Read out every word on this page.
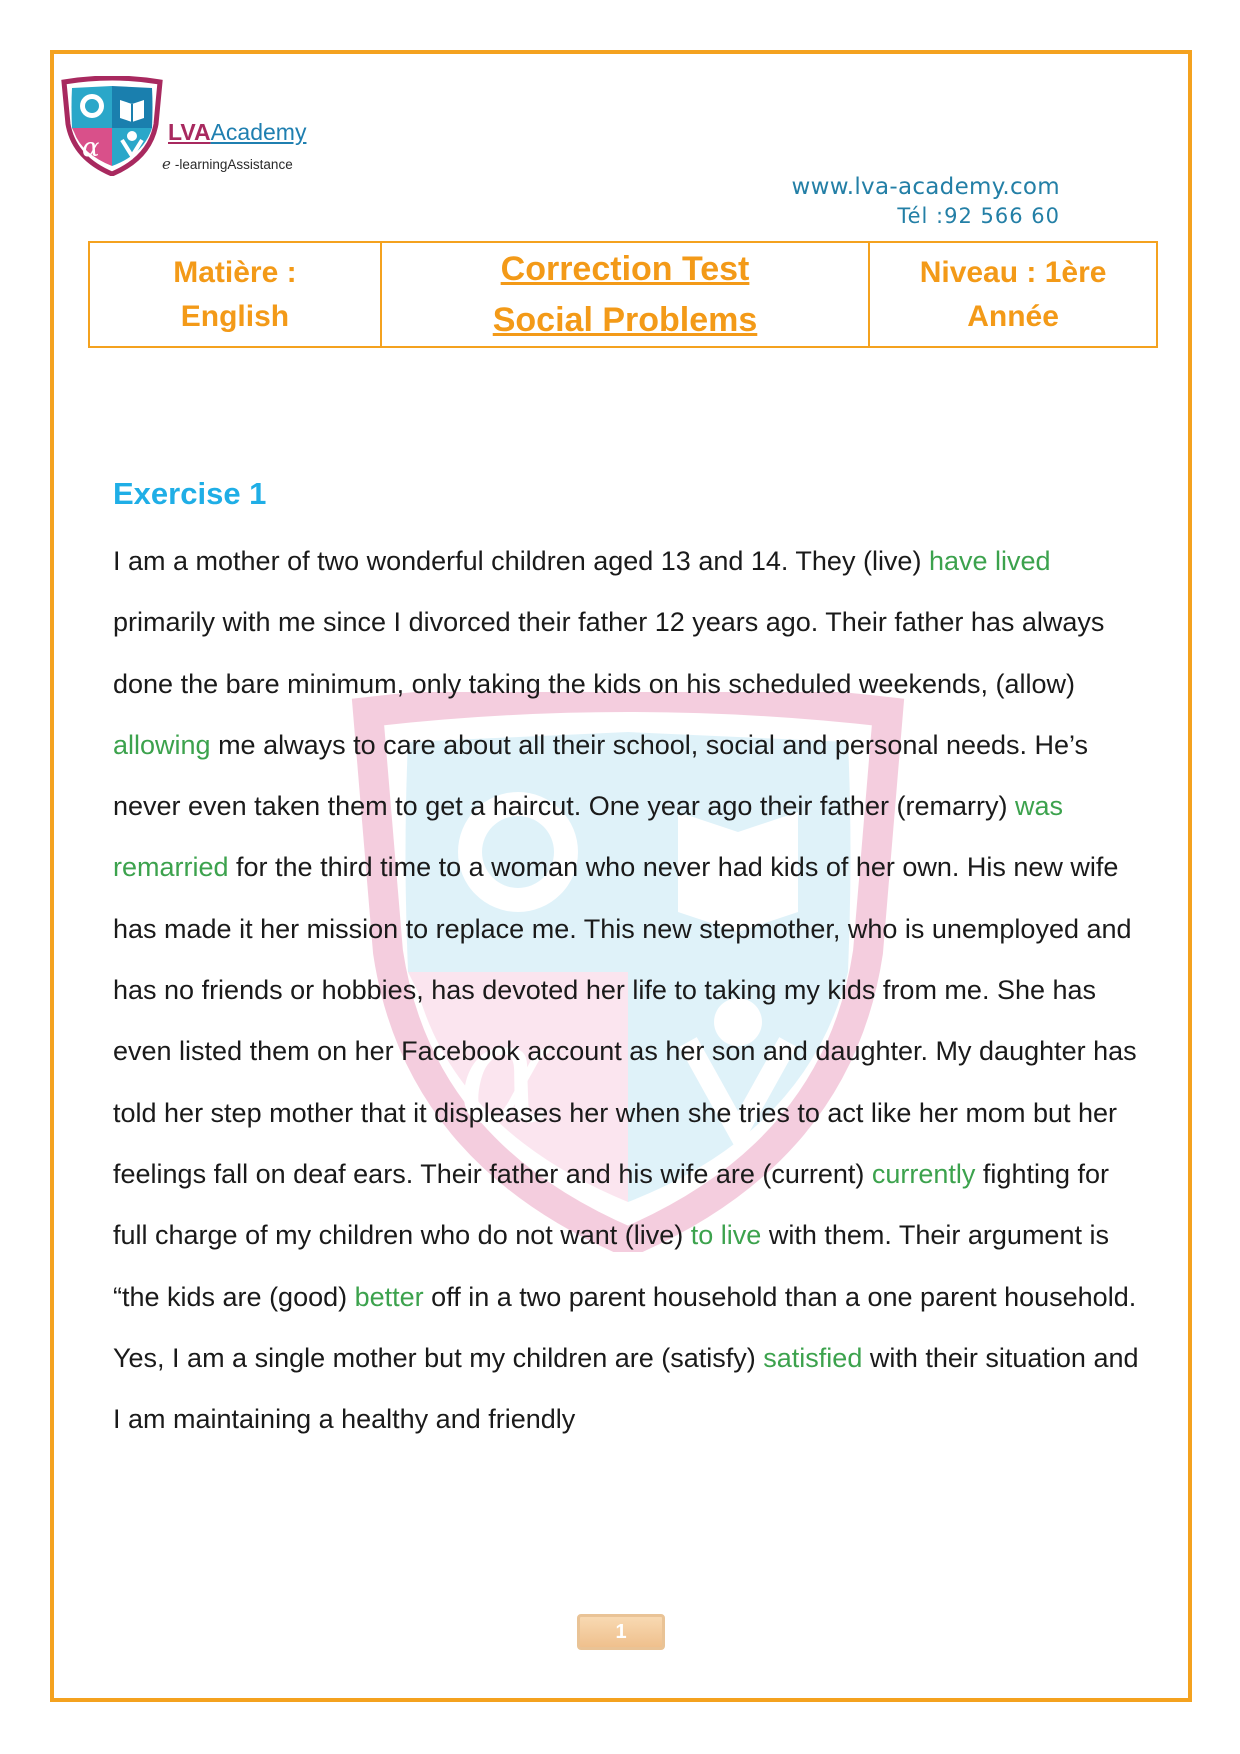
α
LVAAcademy
e -learningAssistance
www.lva-academy.com
Tél :92 566 60
Matière :
English

Correction Test
Social Problems

Niveau : 1ère
Année
α
Exercise 1
I am a mother of two wonderful children aged 13 and 14. They (live) have lived primarily with me since I divorced their father 12 years ago. Their father has always done the bare minimum, only taking the kids on his scheduled weekends, (allow) allowing me always to care about all their school, social and personal needs. He’s never even taken them to get a haircut. One year ago their father (remarry) was remarried for the third time to a woman who never had kids of her own. His new wife has made it her mission to replace me. This new stepmother, who is unemployed and has no friends or hobbies, has devoted her life to taking my kids from me. She has even listed them on her Facebook account as her son and daughter. My daughter has told her step mother that it displeases her when she tries to act like her mom but her feelings fall on deaf ears. Their father and his wife are (current) currently fighting for full charge of my children who do not want (live) to live with them. Their argument is “the kids are (good) better off in a two parent household than a one parent household. Yes, I am a single mother but my children are (satisfy) satisfied with their situation and I am maintaining a healthy and friendly
1
